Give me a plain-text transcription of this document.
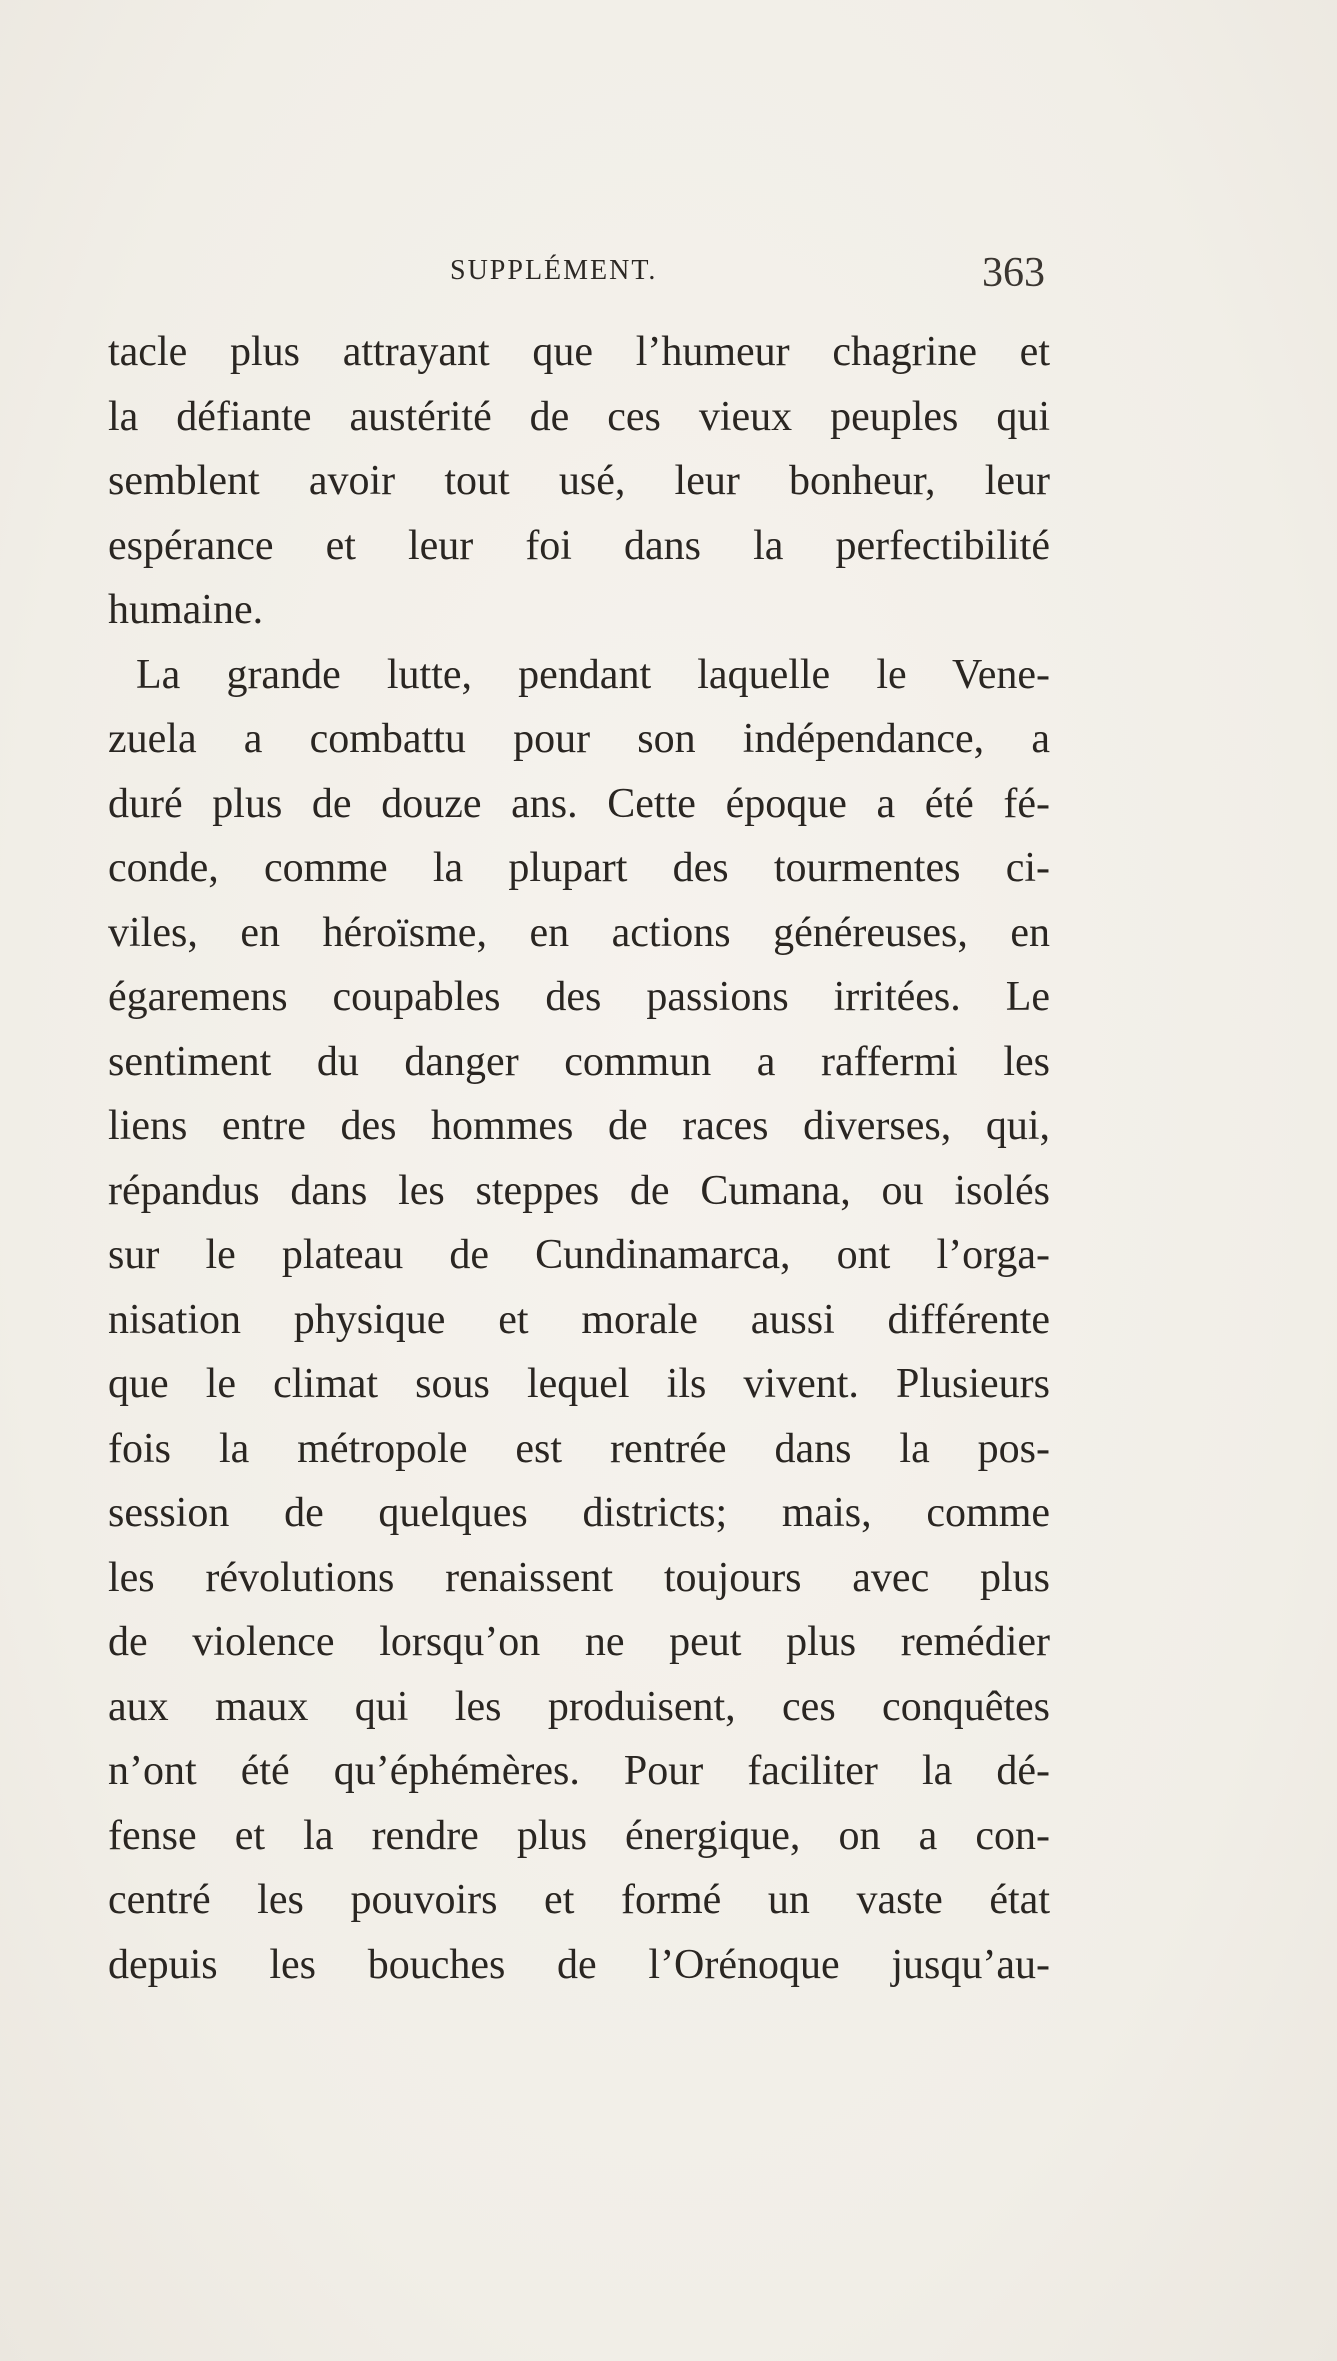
SUPPLÉMENT.	363
tacle plus attrayant que l’humeur chagrine et
la défiante austérité de ces vieux peuples qui
semblent avoir tout usé, leur bonheur, leur
espérance et leur foi dans la perfectibilité
humaine.
La grande lutte, pendant laquelle le Vene-
zuela a combattu pour son indépendance, a
duré plus de douze ans. Cette époque a été fé-
conde, comme la plupart des tourmentes ci-
viles, en héroïsme, en actions généreuses, en
égaremens coupables des passions irritées. Le
sentiment du danger commun a raffermi les
liens entre des hommes de races diverses, qui,
répandus dans les steppes de Cumana, ou isolés
sur le plateau de Cundinamarca, ont l’orga-
nisation physique et morale aussi différente
que le climat sous lequel ils vivent. Plusieurs
fois la métropole est rentrée dans la pos-
session de quelques districts; mais, comme
les révolutions renaissent toujours avec plus
de violence lorsqu’on ne peut plus remédier
aux maux qui les produisent, ces conquêtes
n’ont été qu’éphémères. Pour faciliter la dé-
fense et la rendre plus énergique, on a con-
centré les pouvoirs et formé un vaste état
depuis les bouches de l’Orénoque jusqu’au-
